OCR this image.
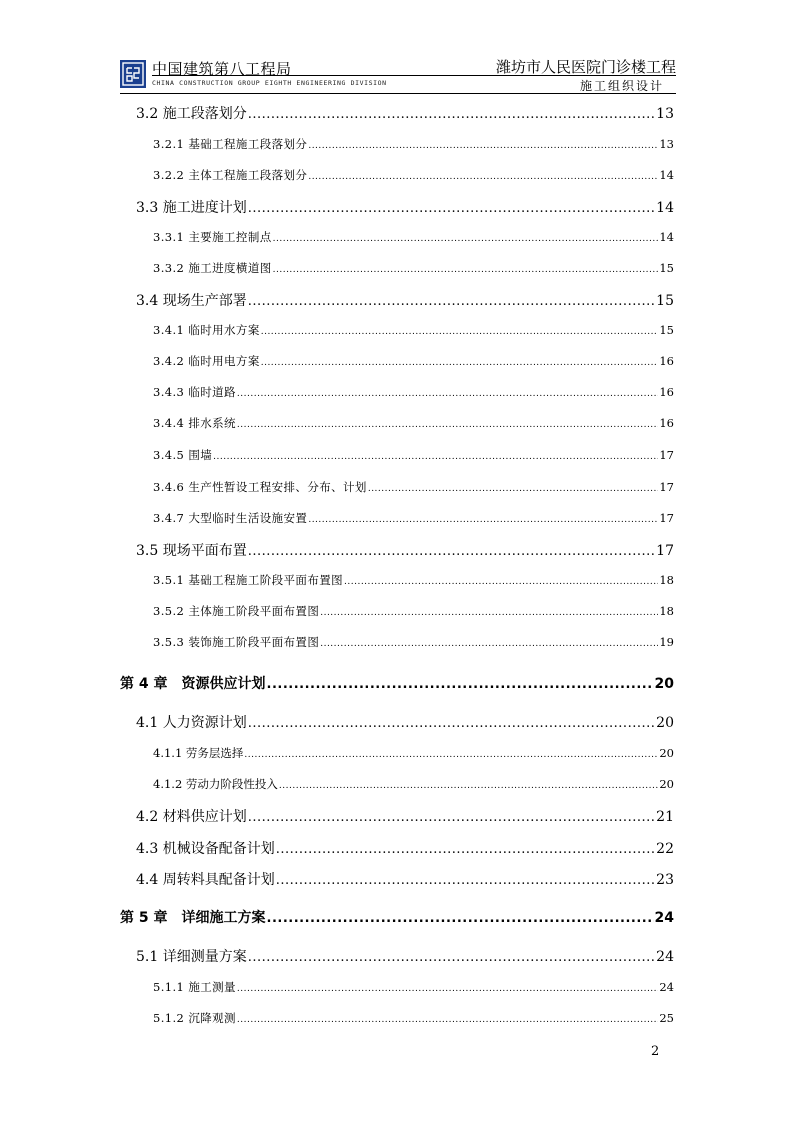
中国建筑第八工程局
CHINA CONSTRUCTION GROUP EIGHTH ENGINEERING DIVISION
潍坊市人民医院门诊楼工程
施工组织设计
3.2 施工段落划分 .....	13
3.2.1 基础工程施工段落划分 .....	13
3.2.2 主体工程施工段落划分 .....	14
3.3 施工进度计划 .....	14
3.3.1 主要施工控制点 .....	14
3.3.2 施工进度横道图 .....	15
3.4 现场生产部署 .....	15
3.4.1 临时用水方案 .....	15
3.4.2 临时用电方案 .....	16
3.4.3 临时道路 .....	16
3.4.4 排水系统 .....	16
3.4.5 围墙 .....	17
3.4.6 生产性暂设工程安排、分布、计划 .....	17
3.4.7 大型临时生活设施安置 .....	17
3.5 现场平面布置 .....	17
3.5.1 基础工程施工阶段平面布置图 .....	18
3.5.2 主体施工阶段平面布置图 .....	18
3.5.3 装饰施工阶段平面布置图 .....	19
第 4 章　资源供应计划 .....	20
4.1 人力资源计划 .....	20
4.1.1 劳务层选择 .....	20
4.1.2 劳动力阶段性投入 .....	20
4.2 材料供应计划 .....	21
4.3 机械设备配备计划 .....	22
4.4 周转料具配备计划 .....	23
第 5 章　详细施工方案 .....	24
5.1 详细测量方案 .....	24
5.1.1 施工测量 .....	24
5.1.2 沉降观测 .....	25
2
